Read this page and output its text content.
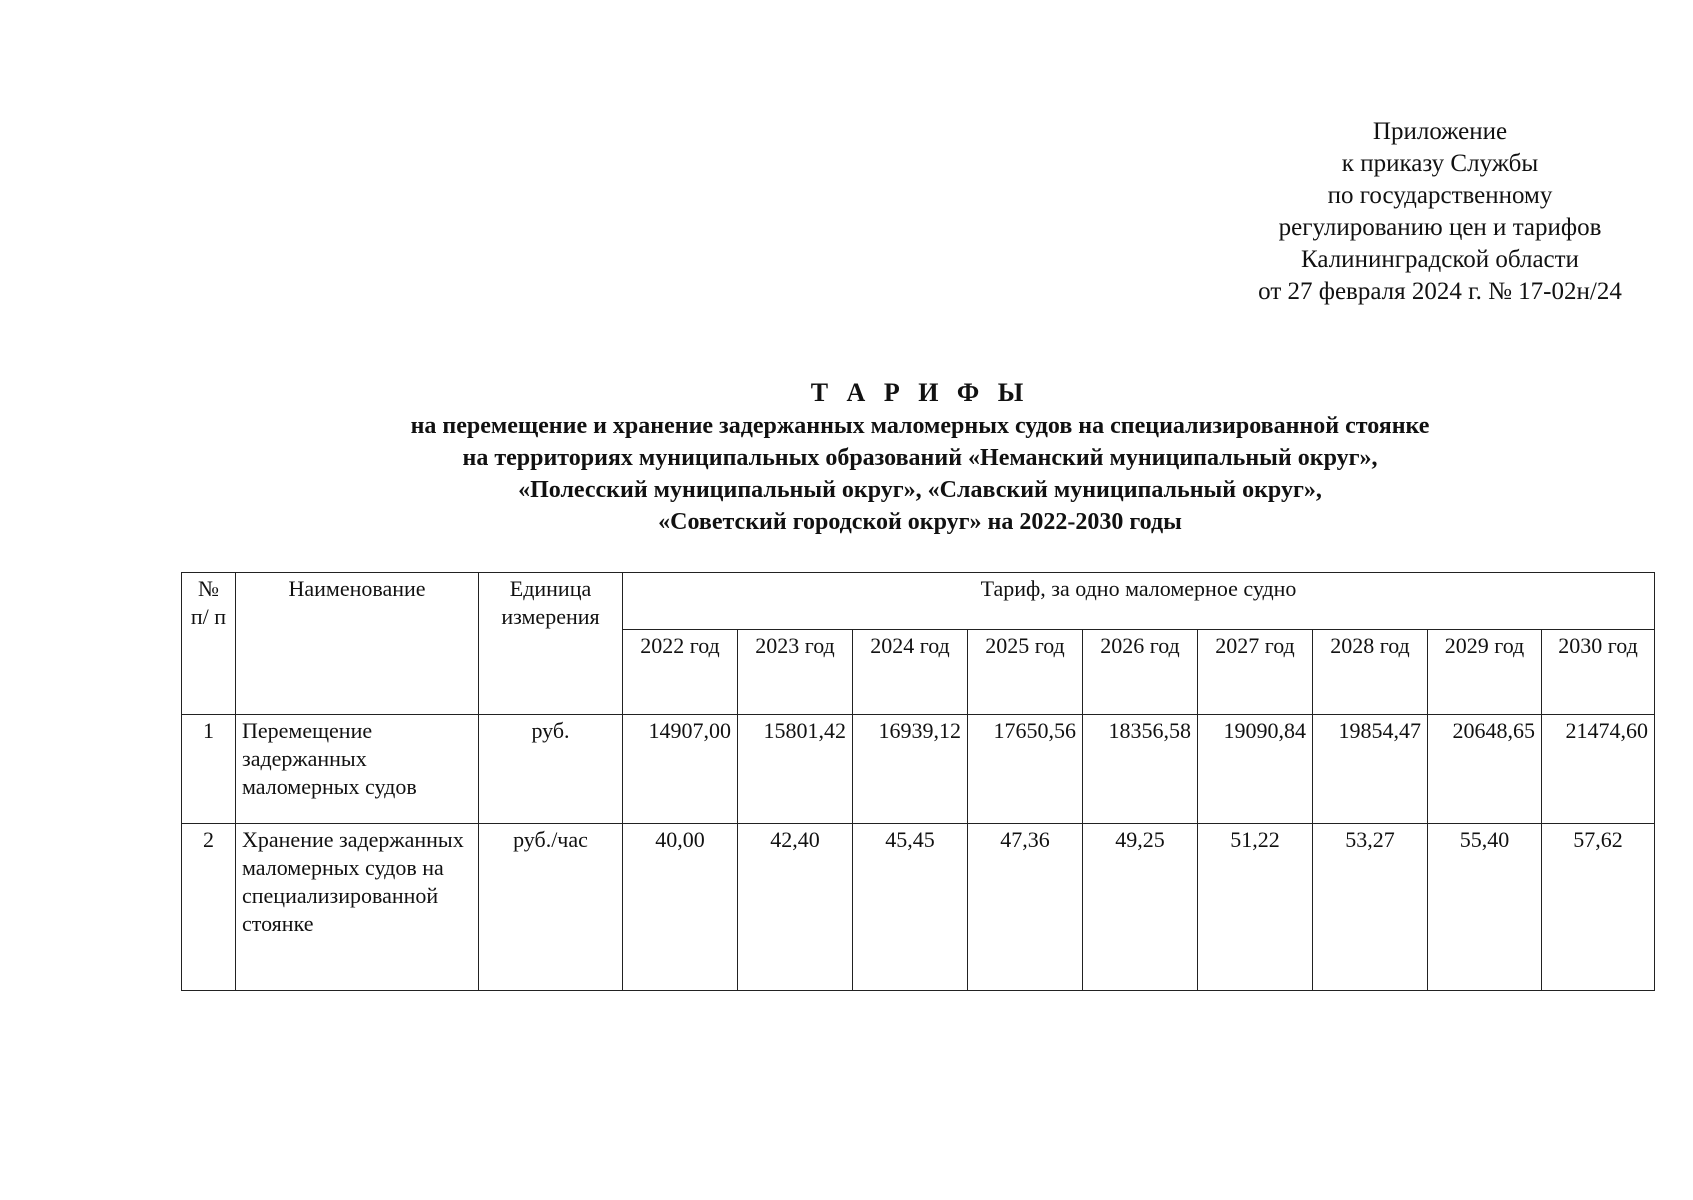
Приложение
к приказу Службы
по государственному
регулированию цен и тарифов
Калининградской области
от 27 февраля 2024 г. № 17-02н/24
Т А Р И Ф Ы
на перемещение и хранение задержанных маломерных судов на специализированной стоянке
на территориях муниципальных образований «Неманский муниципальный округ»,
«Полесский муниципальный округ», «Славский муниципальный округ»,
«Советский городской округ» на 2022-2030 годы
№ п/ п	Наименование	Единица измерения	Тариф, за одно маломерное судно								
			2022 год	2023 год	2024 год	2025 год	2026 год	2027 год	2028 год	2029 год	2030 год
1	Перемещение задержанных маломерных судов	руб.	14907,00	15801,42	16939,12	17650,56	18356,58	19090,84	19854,47	20648,65	21474,60
2	Хранение задержанных маломерных судов на специализированной стоянке	руб./час	40,00	42,40	45,45	47,36	49,25	51,22	53,27	55,40	57,62
